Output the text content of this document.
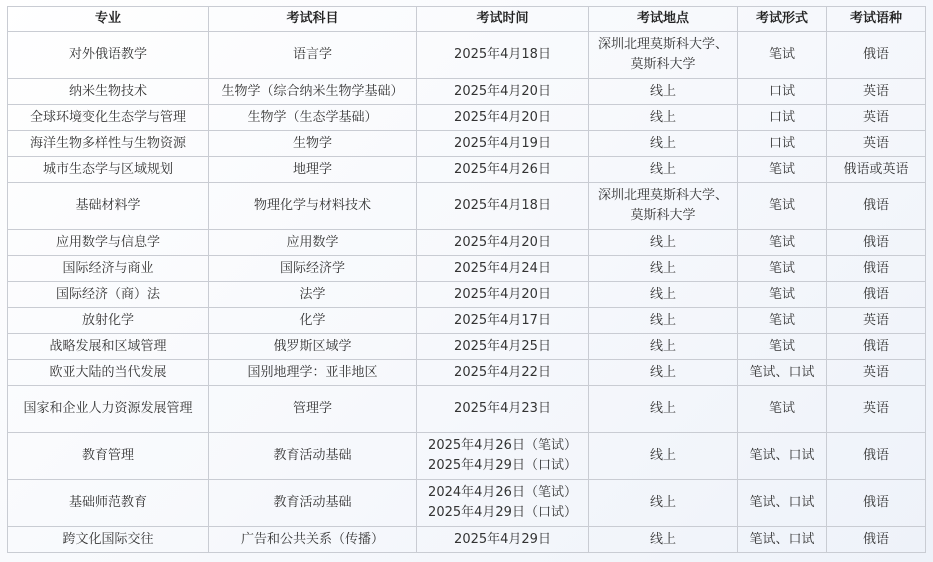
专业	考试科目	考试时间	考试地点	考试形式	考试语种
对外俄语教学	语言学	2025年4月18日	深圳北理莫斯科大学、
莫斯科大学	笔试	俄语
纳米生物技术	生物学（综合纳米生物学基础）	2025年4月20日	线上	口试	英语
全球环境变化生态学与管理	生物学（生态学基础）	2025年4月20日	线上	口试	英语
海洋生物多样性与生物资源	生物学	2025年4月19日	线上	口试	英语
城市生态学与区域规划	地理学	2025年4月26日	线上	笔试	俄语或英语
基础材料学	物理化学与材料技术	2025年4月18日	深圳北理莫斯科大学、
莫斯科大学	笔试	俄语
应用数学与信息学	应用数学	2025年4月20日	线上	笔试	俄语
国际经济与商业	国际经济学	2025年4月24日	线上	笔试	俄语
国际经济（商）法	法学	2025年4月20日	线上	笔试	俄语
放射化学	化学	2025年4月17日	线上	笔试	英语
战略发展和区域管理	俄罗斯区域学	2025年4月25日	线上	笔试	俄语
欧亚大陆的当代发展	国别地理学：亚非地区	2025年4月22日	线上	笔试、口试	英语
国家和企业人力资源发展管理	管理学	2025年4月23日	线上	笔试	英语
教育管理	教育活动基础	2025年4月26日（笔试）
2025年4月29日（口试）	线上	笔试、口试	俄语
基础师范教育	教育活动基础	2024年4月26日（笔试）
2025年4月29日（口试）	线上	笔试、口试	俄语
跨文化国际交往	广告和公共关系（传播）	2025年4月29日	线上	笔试、口试	俄语
